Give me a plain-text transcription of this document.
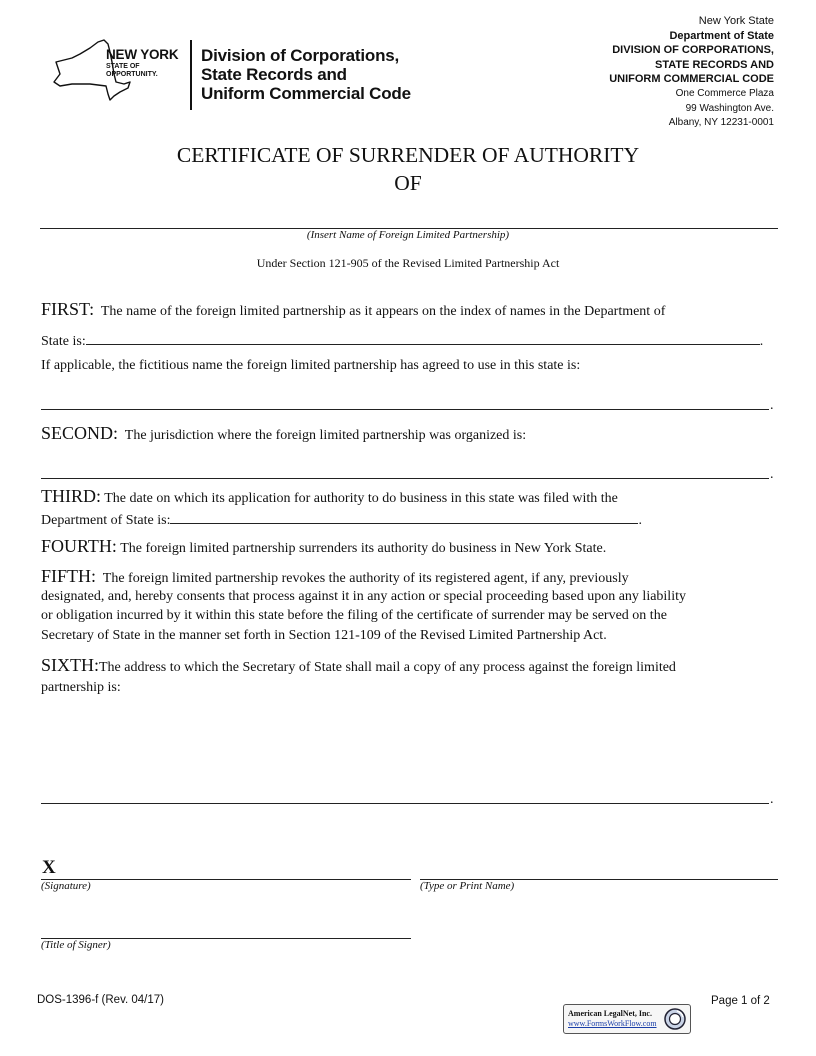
NEW YORK
STATE OF
OPPORTUNITY.
Division of Corporations,
State Records and
Uniform Commercial Code
New York State
Department of State
DIVISION OF CORPORATIONS,
STATE RECORDS AND
UNIFORM COMMERCIAL CODE
One Commerce Plaza
99 Washington Ave.
Albany, NY 12231-0001
CERTIFICATE OF SURRENDER OF AUTHORITY
OF
(Insert Name of Foreign Limited Partnership)
Under Section 121-905 of the Revised Limited Partnership Act
FIRST: The name of the foreign limited partnership as it appears on the index of names in the Department of
State is:	.
If applicable, the fictitious name the foreign limited partnership has agreed to use in this state is:
.
SECOND: The jurisdiction where the foreign limited partnership was organized is:
.
THIRD: The date on which its application for authority to do business in this state was filed with the
Department of State is:	.
FOURTH: The foreign limited partnership surrenders its authority do business in New York State.
FIFTH: The foreign limited partnership revokes the authority of its registered agent, if any, previously
designated, and, hereby consents that process against it in any action or special proceeding based upon any liability
or obligation incurred by it within this state before the filing of the certificate of surrender may be served on the
Secretary of State in the manner set forth in Section 121-109 of the Revised Limited Partnership Act.
SIXTH:The address to which the Secretary of State shall mail a copy of any process against the foreign limited
partnership is:
.
X
(Signature)	(Type or Print Name)
(Title of Signer)
DOS-1396-f (Rev. 04/17)	Page 1 of 2
American LegalNet, Inc.
www.FormsWorkFlow.com
